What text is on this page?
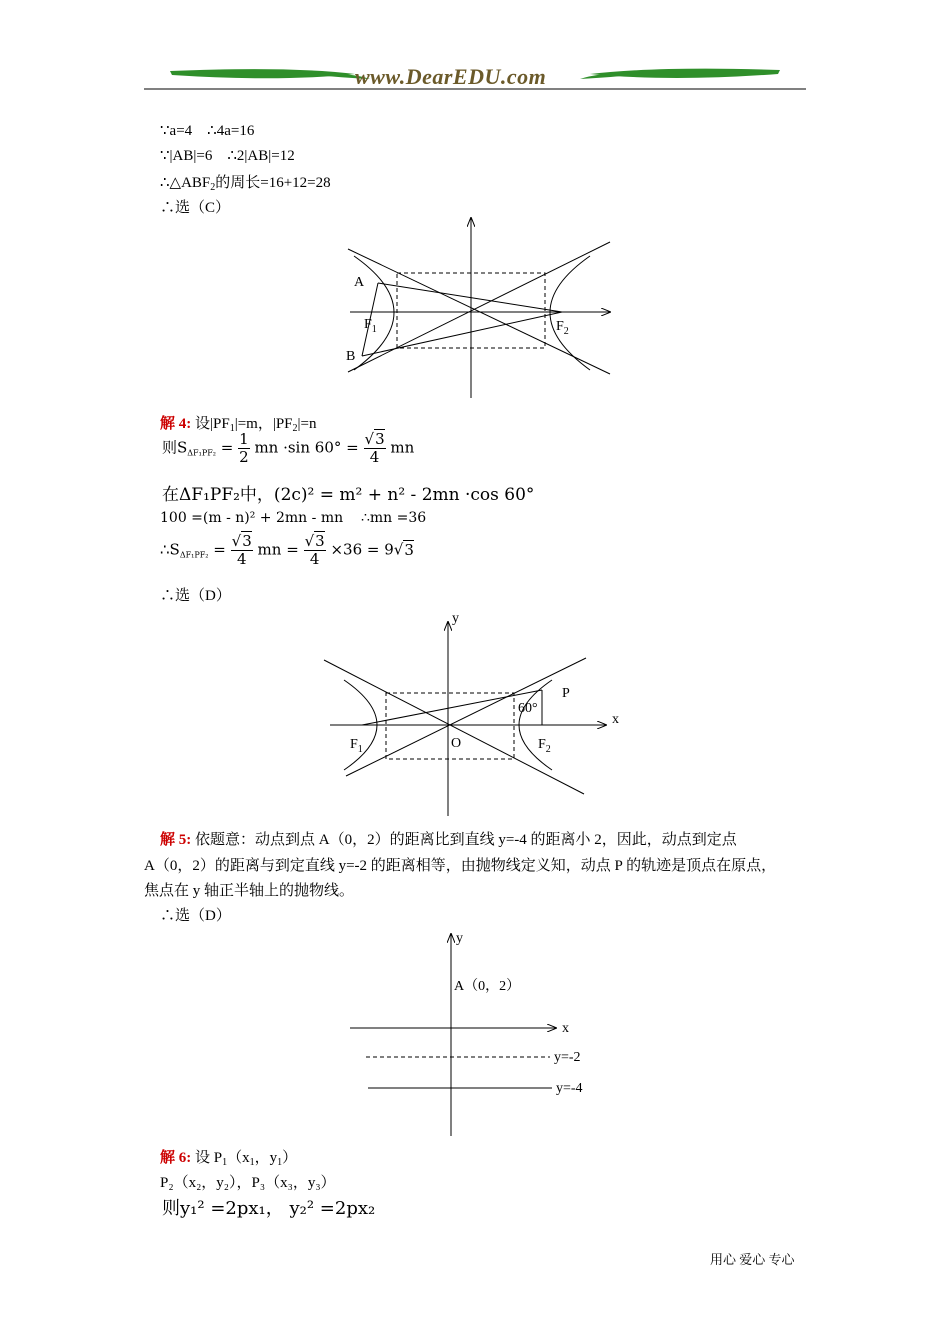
www.DearEDU.com
∵a=4 ∴4a=16
∵|AB|=6 ∴2|AB|=12
$\therefore\triangle ABF_2$的周长=16+12=28
∴选（C）
A
B
$F_1$	$F_2$
解 4: 设$|PF_1|=m$，$|PF_2|=n$
则$S_{\Delta F_1PF_2} = \frac{1}{2}$ mn ·sin $60^\circ = \frac{√3}{4}$ mn
在ΔF₁PF₂中，(2c)² = m² + n² - 2mn ·cos 60°
100 =(m - n)² + 2mn - mn ∴mn =36
$\therefore S_{\Delta F_1PF_2} = \frac{√3}{4}$ mn = $\frac{√3}{4} \times 36 = 9√3$
∴选（D）
y
x
P
60°
O
$F_1$	$F_2$
解 5: 依题意：动点到点 A（0，2）的距离比到直线 y=-4 的距离小 2，因此，动点到定点
A（0，2）的距离与到定直线 y=-2 的距离相等，由抛物线定义知，动点 P 的轨迹是顶点在原点，
焦点在 y 轴正半轴上的抛物线。
∴选（D）
y
x
A（0，2）
y=-2
y=-4
解 6: 设 $P_1(x_1$，$y_1$）
P₂（x₂，y₂），P₃（x₃，y₃）
则y₁² =2px₁， y₂² =2px₂
用心 爱心 专心
